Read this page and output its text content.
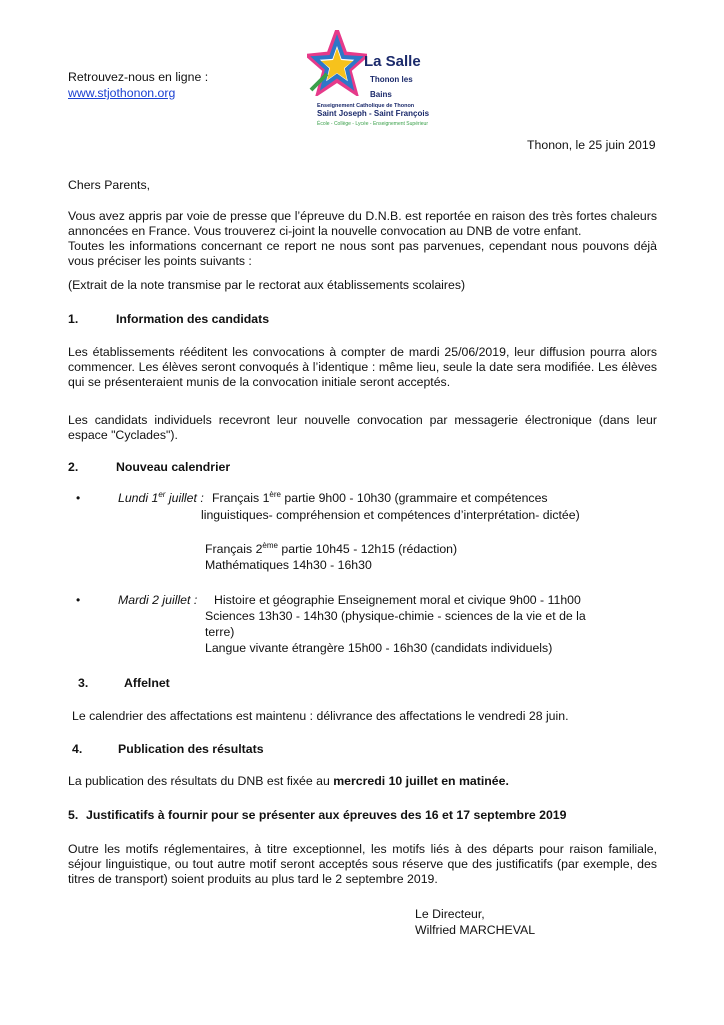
Retrouvez-nous en ligne :
www.stjothonon.org
La Salle
Thonon les Bains
Enseignement Catholique de Thonon
Saint Joseph - Saint François
École - Collège - Lycée - Enseignement Supérieur
Thonon, le 25 juin 2019
Chers Parents,
Vous avez appris par voie de presse que l’épreuve du D.N.B. est reportée en raison des très fortes chaleurs annoncées en France. Vous trouverez ci-joint la nouvelle convocation au DNB de votre enfant.
Toutes les informations concernant ce report ne nous sont pas parvenues, cependant nous pouvons déjà vous préciser les points suivants :
(Extrait de la note transmise par le rectorat aux établissements scolaires)
1.	Information des candidats
Les établissements rééditent les convocations à compter de mardi 25/06/2019, leur diffusion pourra alors commencer. Les élèves seront convoqués à l’identique : même lieu, seule la date sera modifiée. Les élèves qui se présenteraient munis de la convocation initiale seront acceptés.
Les candidats individuels recevront leur nouvelle convocation par messagerie électronique (dans leur espace "Cyclades").
2.	Nouveau calendrier
•	Lundi 1er juillet : Français 1ère partie 9h00 - 10h30 (grammaire et compétences
linguistiques- compréhension et compétences d’interprétation- dictée)
Français 2ème partie 10h45 - 12h15 (rédaction)
Mathématiques 14h30 - 16h30
•	Mardi 2 juillet : Histoire et géographie Enseignement moral et civique 9h00 - 11h00
Sciences 13h30 - 14h30 (physique-chimie - sciences de la vie et de la
terre)
Langue vivante étrangère 15h00 - 16h30 (candidats individuels)
3.	Affelnet
Le calendrier des affectations est maintenu : délivrance des affectations le vendredi 28 juin.
4.	Publication des résultats
La publication des résultats du DNB est fixée au mercredi 10 juillet en matinée.
5. Justificatifs à fournir pour se présenter aux épreuves des 16 et 17 septembre 2019
Outre les motifs réglementaires, à titre exceptionnel, les motifs liés à des départs pour raison familiale, séjour linguistique, ou tout autre motif seront acceptés sous réserve que des justificatifs (par exemple, des titres de transport) soient produits au plus tard le 2 septembre 2019.
Le Directeur,
Wilfried MARCHEVAL
